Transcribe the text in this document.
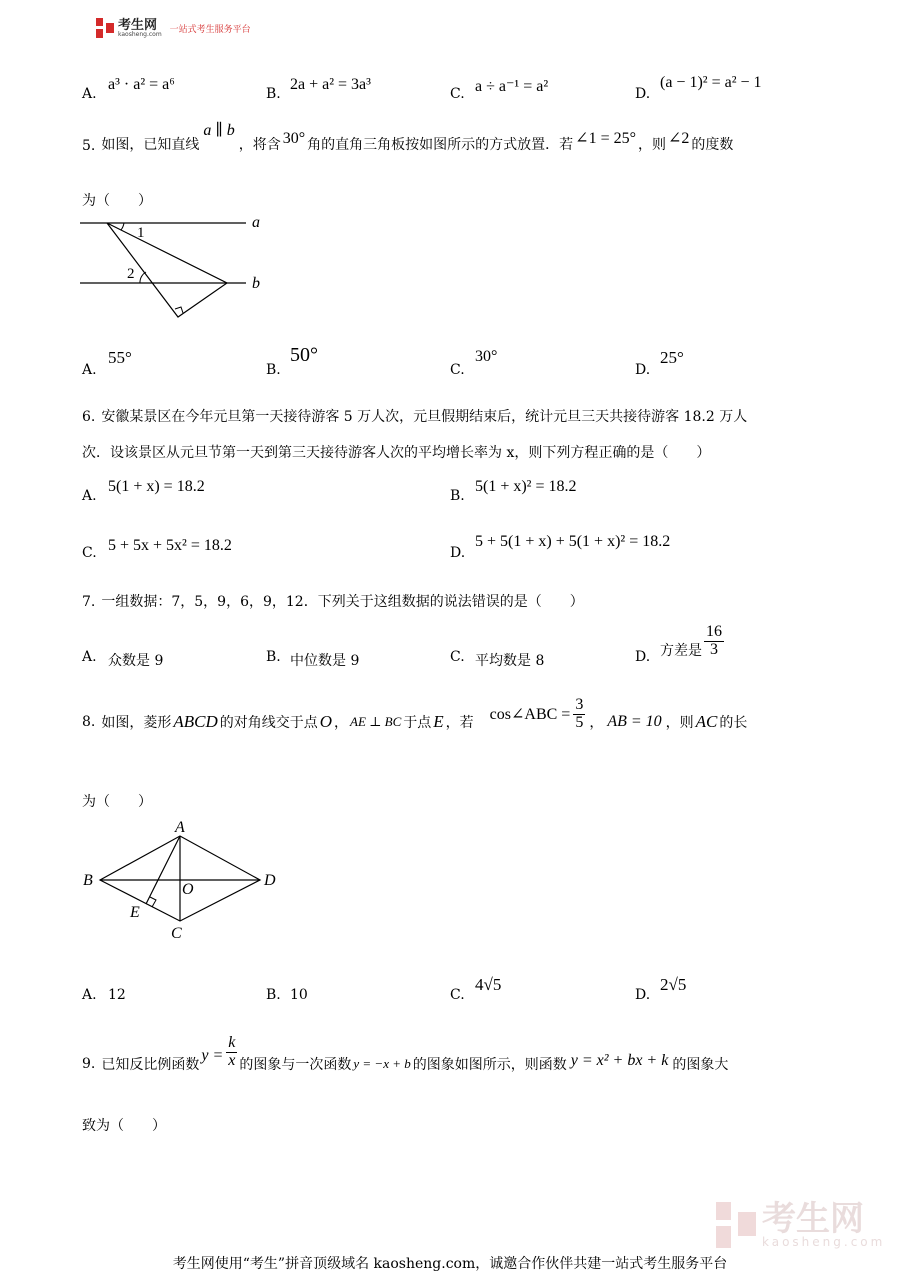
考生网
kaosheng.com 一站式考生服务平台
A.
a³ · a² = a⁶
B.
2a + a² = 3a³
C. a ÷ a⁻¹ = a²	D.
(a − 1)² = a² − 1
5. 如图，已知直线
a ∥ b
，将含 30° 角的直角三角板按如图所示的方式放置．若 ∠1 = 25° ，则 ∠2 的度数
为（　　）
a
b
1
2
A.
55°
B.
50°
C.
30°
D.
25°
6. 安徽某景区在今年元旦第一天接待游客 5 万人次，元旦假期结束后，统计元旦三天共接待游客 18.2 万人
次．设该景区从元旦节第一天到第三天接待游客人次的平均增长率为 x，则下列方程正确的是（　　）
A.
5(1 + x) = 18.2
B.
5(1 + x)² = 18.2
C. 5 + 5x + 5x² = 18.2	D.
5 + 5(1 + x) + 5(1 + x)² = 18.2
7. 一组数据：7，5，9，6，9，12．下列关于这组数据的说法错误的是（　　）
A. 众数是 9	B. 中位数是 9	C. 平均数是 8	D. 方差是 $\frac{16}{3}$
8. 如图，菱形 ABCD 的对角线交于点 O ， AE ⊥ BC 于点 E ，若 cos∠ABC = $\frac{3}{5}$ ， AB = 10 ，则 AC 的长
为（　　）
A
B	D
O
E
C
A. 12	B. 10	C.
4√5
D.
2√5
9. 已知反比例函数
$y = \frac{k}{x}$ 的图象与一次函数 y = −x + b 的图象如图所示，则函数 y = x² + bx + k 的图象大
致为（　　）
考生网
kaosheng.com
考生网使用“考生”拼音顶级域名 kaosheng.com，诚邀合作伙伴共建一站式考生服务平台
